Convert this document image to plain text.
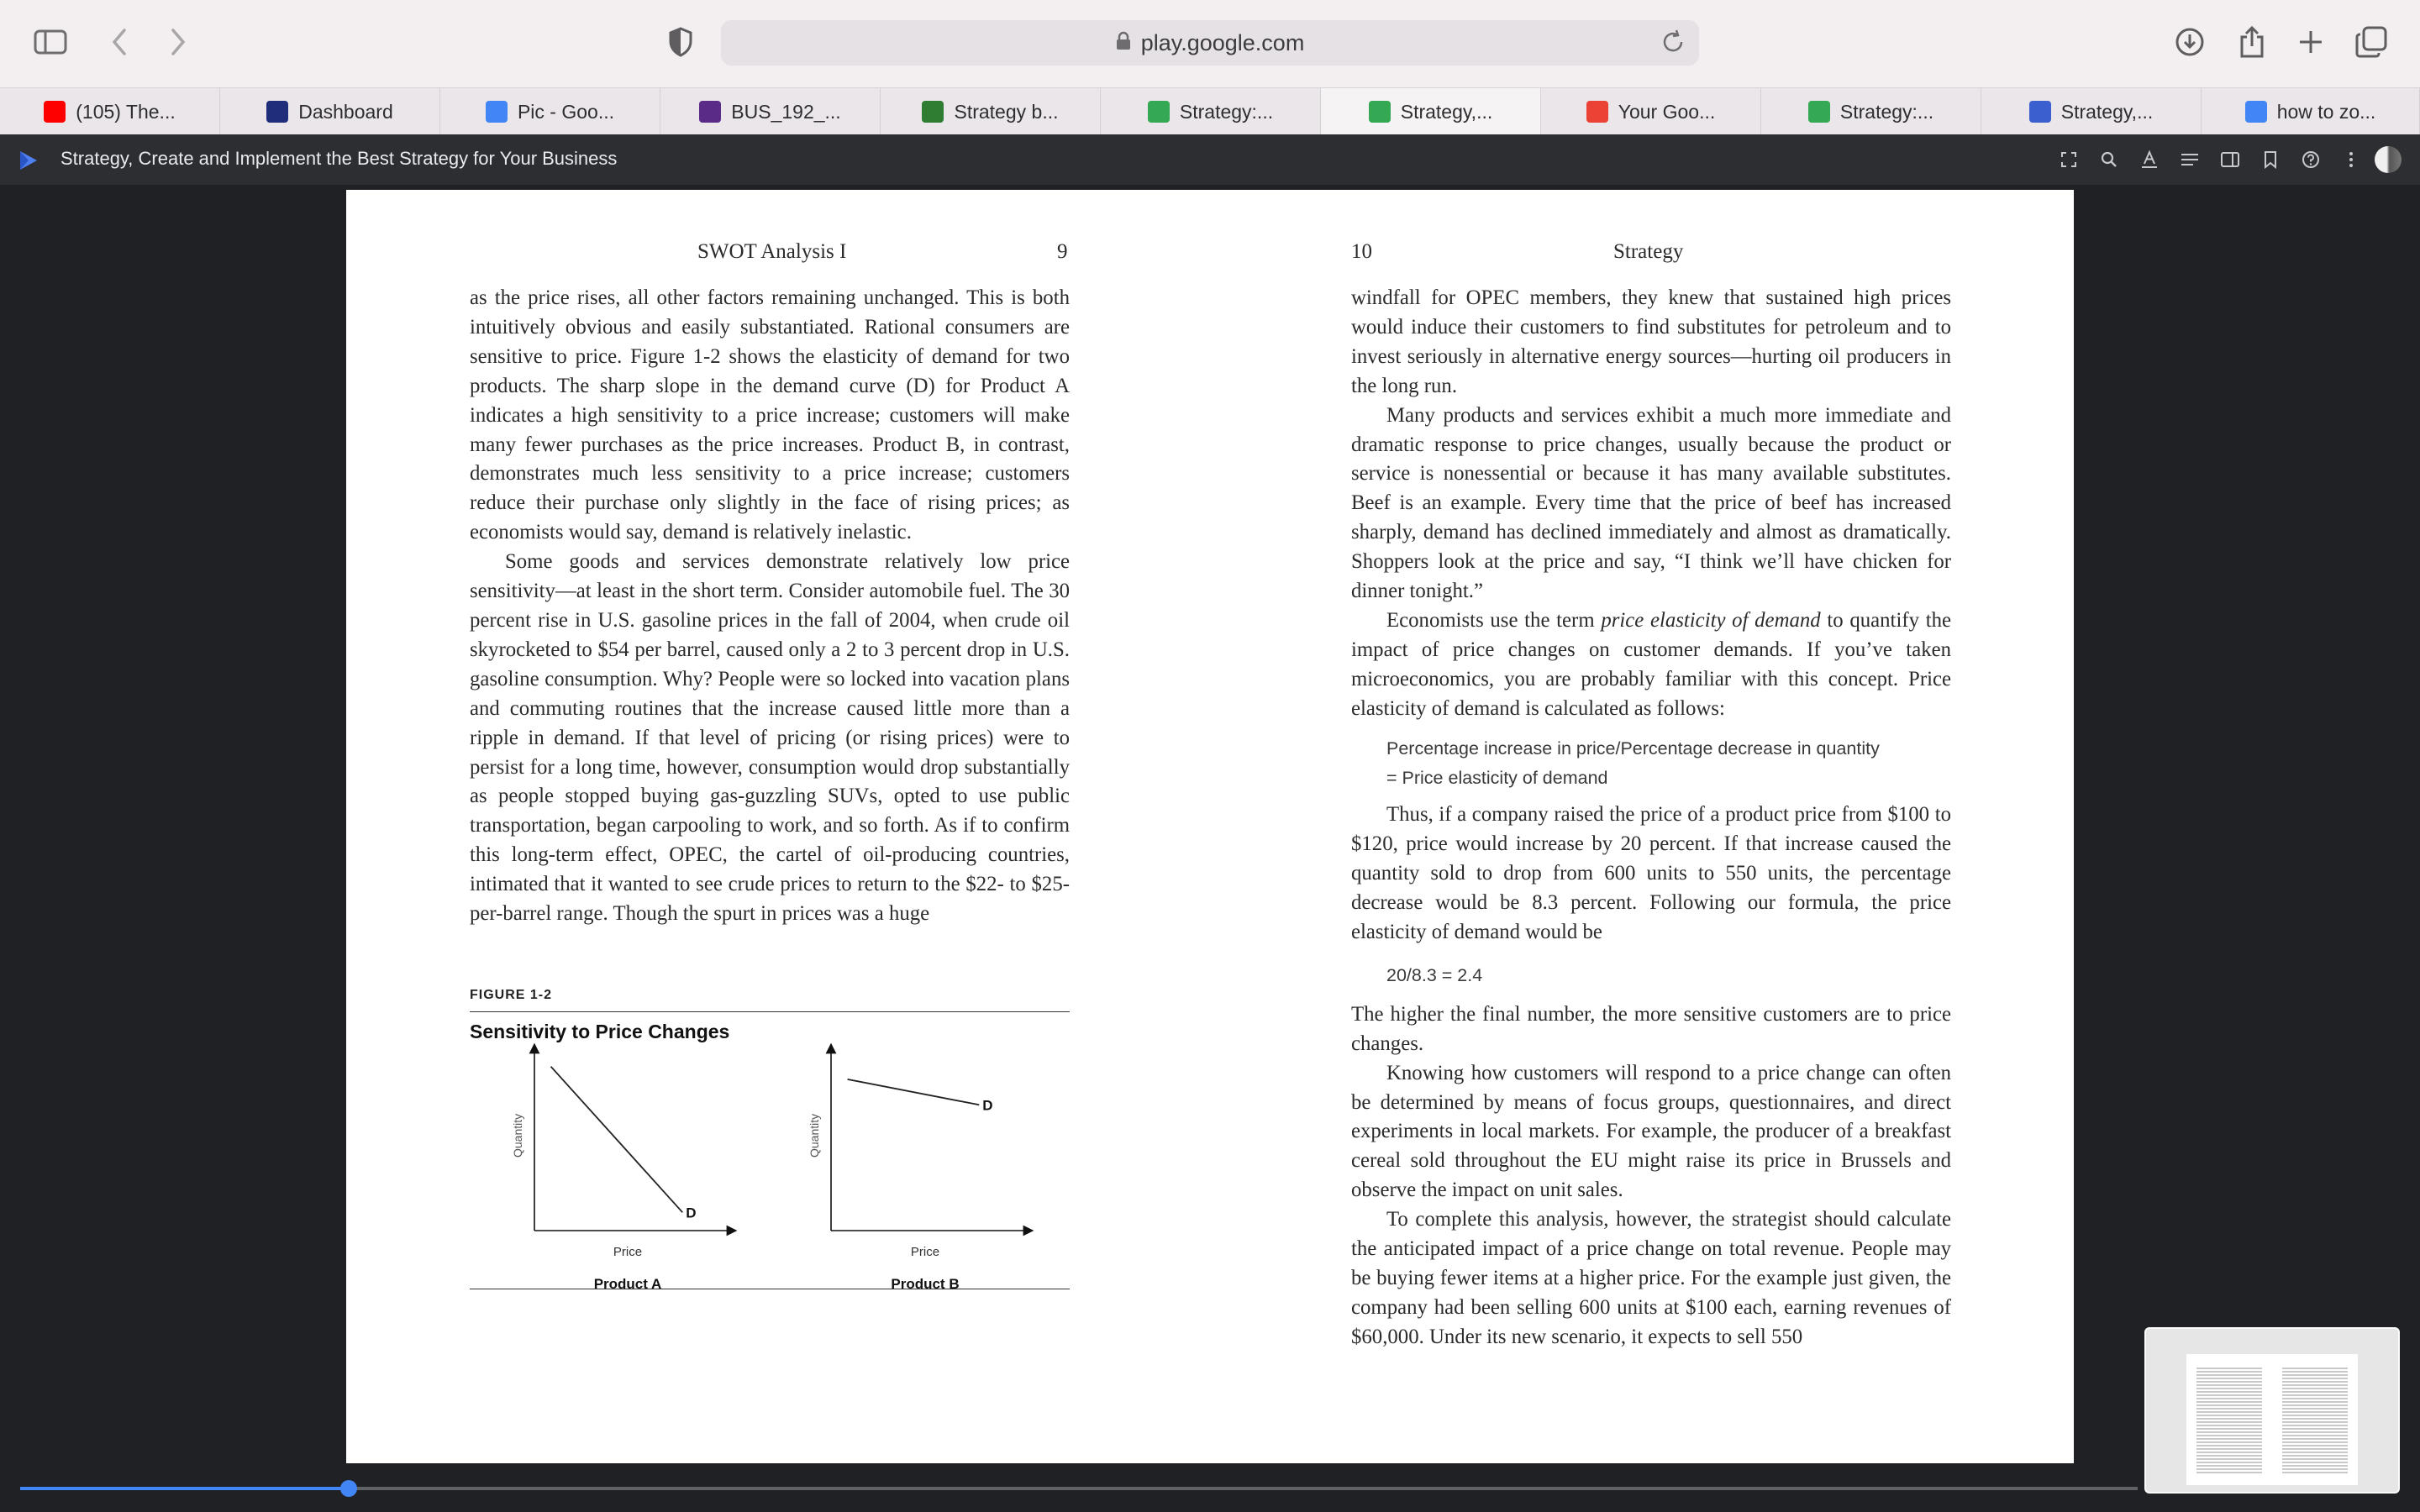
play.google.com
(105) The...	Dashboard	Pic - Goo...	BUS_192_...	Strategy b...	Strategy:...	Strategy,...	Your Goo...	Strategy:...	Strategy,...	how to zo...
Strategy, Create and Implement the Best Strategy for Your Business
SWOT Analysis I	9

as the price rises, all other factors remaining unchanged. This is both intuitively obvious and easily substantiated. Rational consumers are sensitive to price. Figure 1-2 shows the elasticity of demand for two products. The sharp slope in the demand curve (D) for Product A indicates a high sensitivity to a price increase; customers will make many fewer purchases as the price increases. Product B, in contrast, demonstrates much less sensitivity to a price increase; customers reduce their purchase only slightly in the face of rising prices; as economists would say, demand is relatively inelastic.

Some goods and services demonstrate relatively low price sensitivity—at least in the short term. Consider automobile fuel. The 30 percent rise in U.S. gasoline prices in the fall of 2004, when crude oil skyrocketed to $54 per barrel, caused only a 2 to 3 percent drop in U.S. gasoline consumption. Why? People were so locked into vacation plans and commuting routines that the increase caused little more than a ripple in demand. If that level of pricing (or rising prices) were to persist for a long time, however, consumption would drop substantially as people stopped buying gas-guzzling SUVs, opted to use public transportation, began carpooling to work, and so forth. As if to confirm this long-term effect, OPEC, the cartel of oil-producing countries, intimated that it wanted to see crude prices to return to the $22- to $25-per-barrel range. Though the spurt in prices was a huge

FIGURE 1-2
Sensitivity to Price Changes
D
Price
Quantity
Product A
D
Price
Quantity
Product B
10	Strategy

windfall for OPEC members, they knew that sustained high prices would induce their customers to find substitutes for petroleum and to invest seriously in alternative energy sources—hurting oil producers in the long run.

Many products and services exhibit a much more immediate and dramatic response to price changes, usually because the product or service is nonessential or because it has many available substitutes. Beef is an example. Every time that the price of beef has increased sharply, demand has declined immediately and almost as dramatically. Shoppers look at the price and say, “I think we’ll have chicken for dinner tonight.”

Economists use the term price elasticity of demand to quantify the impact of price changes on customer demands. If you’ve taken microeconomics, you are probably familiar with this concept. Price elasticity of demand is calculated as follows:

Percentage increase in price/Percentage decrease in quantity
= Price elasticity of demand

Thus, if a company raised the price of a product price from $100 to $120, price would increase by 20 percent. If that increase caused the quantity sold to drop from 600 units to 550 units, the percentage decrease would be 8.3 percent. Following our formula, the price elasticity of demand would be

20/8.3 = 2.4

The higher the final number, the more sensitive customers are to price changes.

Knowing how customers will respond to a price change can often be determined by means of focus groups, questionnaires, and direct experiments in local markets. For example, the producer of a breakfast cereal sold throughout the EU might raise its price in Brussels and observe the impact on unit sales.

To complete this analysis, however, the strategist should calculate the anticipated impact of a price change on total revenue. People may be buying fewer items at a higher price. For the example just given, the company had been selling 600 units at $100 each, earning revenues of $60,000. Under its new scenario, it expects to sell 550
